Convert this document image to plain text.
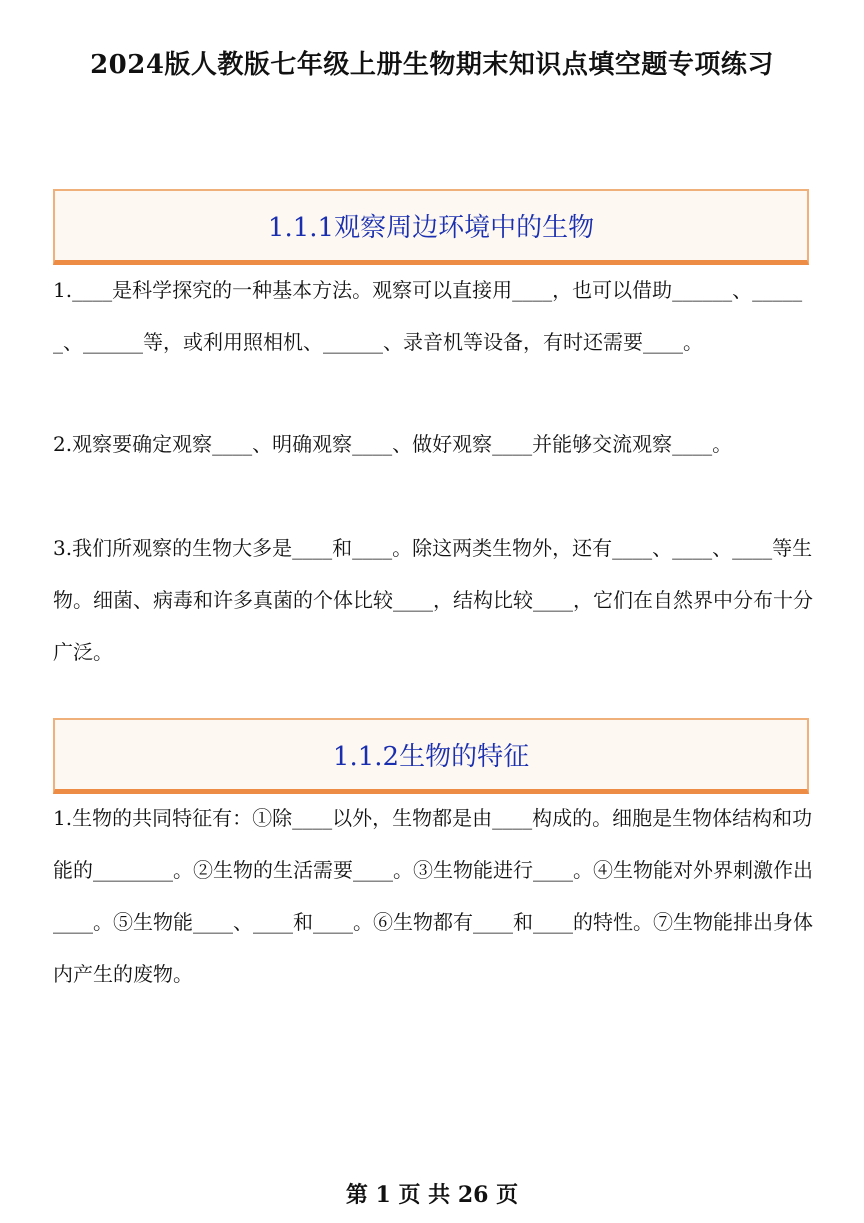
2024版人教版七年级上册生物期末知识点填空题专项练习
1.1.1观察周边环境中的生物

1.____是科学探究的一种基本方法。观察可以直接用____，也可以借助______、______、______等，或利用照相机、______、录音机等设备，有时还需要____。

2.观察要确定观察____、明确观察____、做好观察____并能够交流观察____。

3.我们所观察的生物大多是____和____。除这两类生物外，还有____、____、____等生物。细菌、病毒和许多真菌的个体比较____，结构比较____，它们在自然界中分布十分广泛。

1.1.2生物的特征

1.生物的共同特征有：①除____以外，生物都是由____构成的。细胞是生物体结构和功能的________。②生物的生活需要____。③生物能进行____。④生物能对外界刺激作出____。⑤生物能____、____和____。⑥生物都有____和____的特性。⑦生物能排出身体内产生的废物。

第 1 页 共 26 页
